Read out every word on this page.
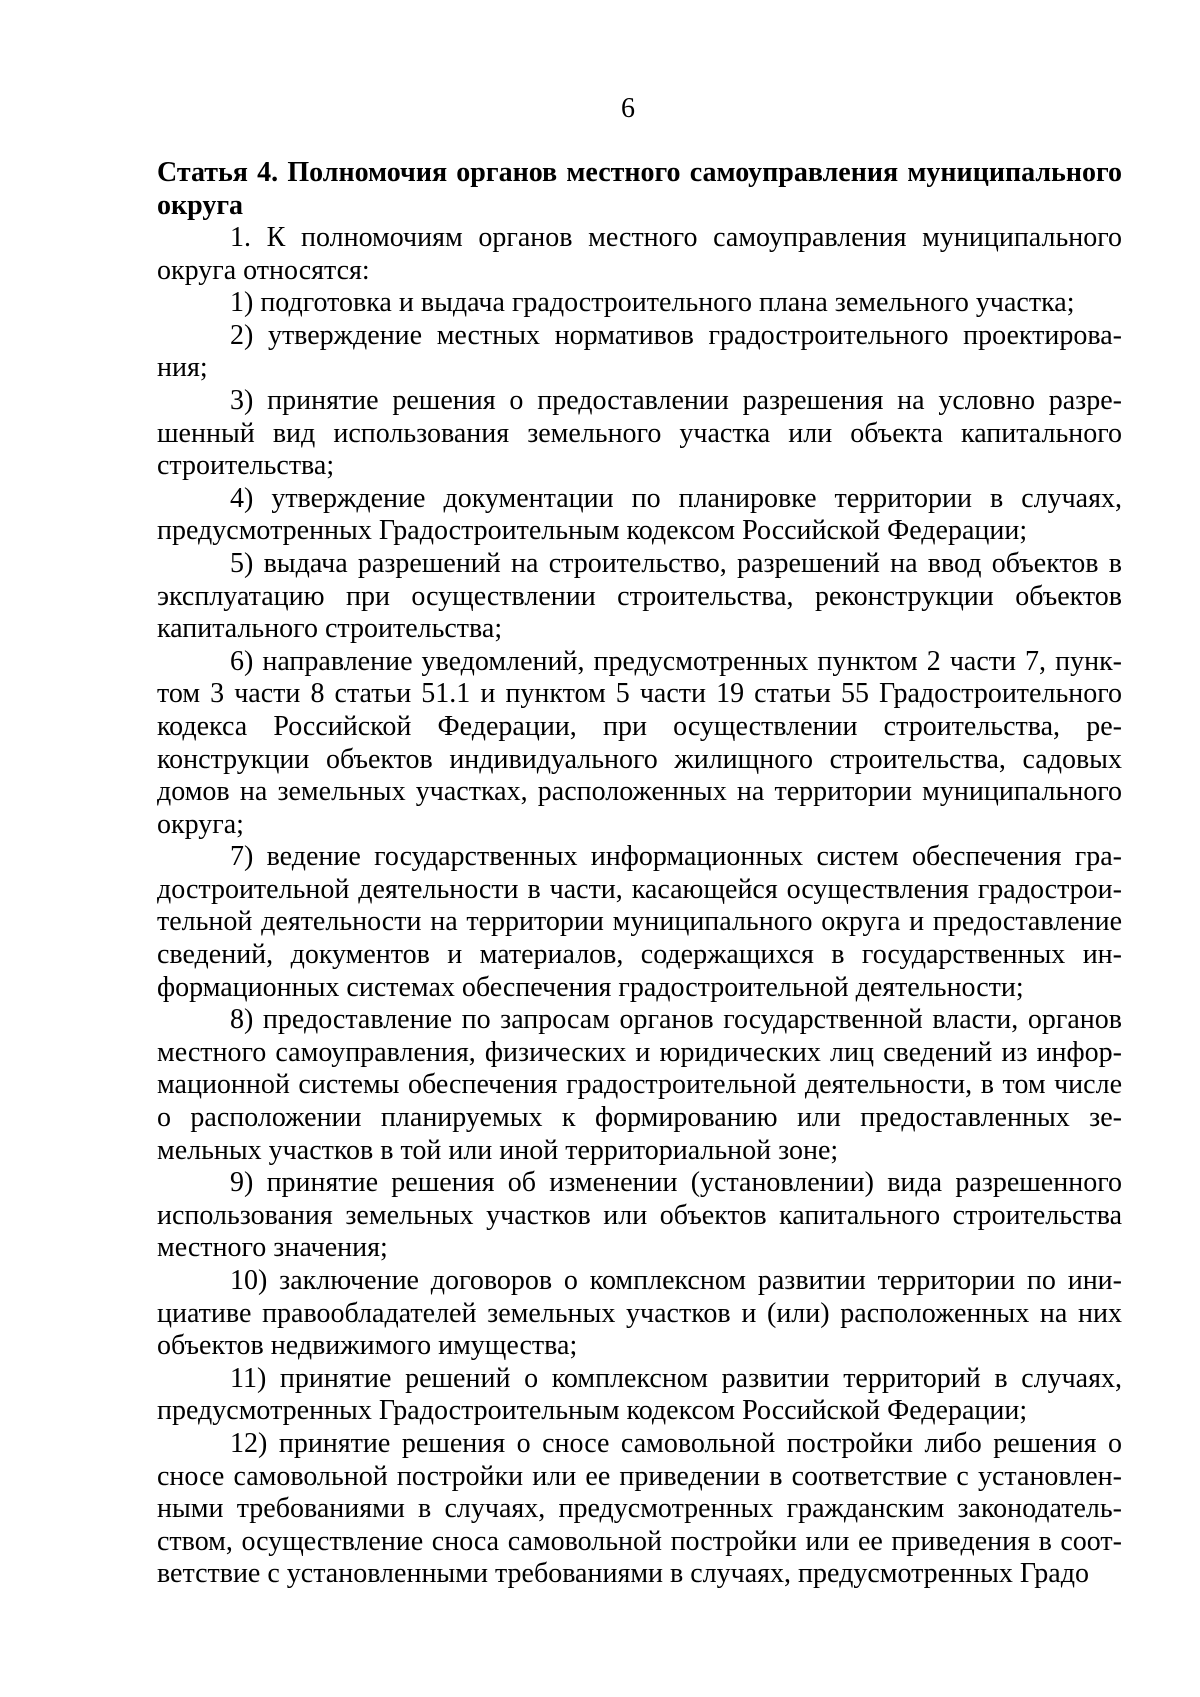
6

Статья 4. Полномочия органов местного самоуправления муниципального округа

1. К полномочиям органов местного самоуправления муниципального округа относятся:

1) подготовка и выдача градостроительного плана земельного участка;

2) утверждение местных нормативов градостроительного проектирования;

3) принятие решения о предоставлении разрешения на условно разрешенный вид использования земельного участка или объекта капитального строительства;

4) утверждение документации по планировке территории в случаях, предусмотренных Градостроительным кодексом Российской Федерации;

5) выдача разрешений на строительство, разрешений на ввод объектов в эксплуатацию при осуществлении строительства, реконструкции объектов капитального строительства;

6) направление уведомлений, предусмотренных пунктом 2 части 7, пунктом 3 части 8 статьи 51.1 и пунктом 5 части 19 статьи 55 Градостроительного кодекса Российской Федерации, при осуществлении строительства, реконструкции объектов индивидуального жилищного строительства, садовых домов на земельных участках, расположенных на территории муниципального округа;

7) ведение государственных информационных систем обеспечения градостроительной деятельности в части, касающейся осуществления градостроительной деятельности на территории муниципального округа и предоставление сведений, документов и материалов, содержащихся в государственных информационных системах обеспечения градостроительной деятельности;

8) предоставление по запросам органов государственной власти, органов местного самоуправления, физических и юридических лиц сведений из информационной системы обеспечения градостроительной деятельности, в том числе о расположении планируемых к формированию или предоставленных земельных участков в той или иной территориальной зоне;

9) принятие решения об изменении (установлении) вида разрешенного использования земельных участков или объектов капитального строительства местного значения;

10) заключение договоров о комплексном развитии территории по инициативе правообладателей земельных участков и (или) расположенных на них объектов недвижимого имущества;

11) принятие решений о комплексном развитии территорий в случаях, предусмотренных Градостроительным кодексом Российской Федерации;

12) принятие решения о сносе самовольной постройки либо решения о сносе самовольной постройки или ее приведении в соответствие с установленными требованиями в случаях, предусмотренных гражданским законодательством, осуществление сноса самовольной постройки или ее приведения в соответствие с установленными требованиями в случаях, предусмотренных Градо
